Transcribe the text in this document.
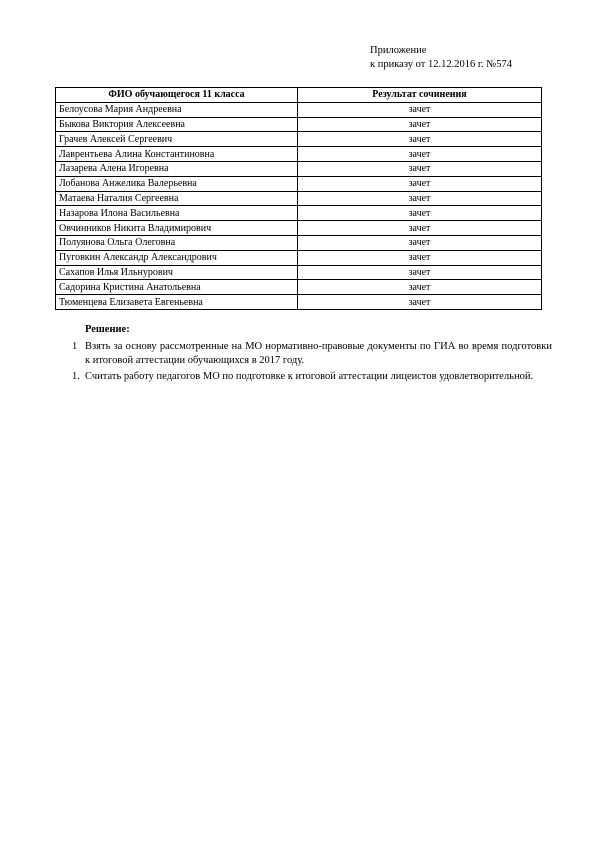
Приложение
к приказу от 12.12.2016 г. №574
ФИО обучающегося 11 класса	Результат сочинения
Белоусова Мария Андреевна	зачет
Быкова Виктория Алексеевна	зачет
Грачев Алексей Сергеевич	зачет
Лаврентьева Алина Константиновна	зачет
Лазарева Алена Игоревна	зачет
Лобанова Анжелика Валерьевна	зачет
Матаева Наталия Сергеевна	зачет
Назарова Илона Васильевна	зачет
Овчинников Никита Владимирович	зачет
Полуянова Ольга Олеговна	зачет
Пуговкин Александр Александрович	зачет
Сахапов Илья Ильнурович	зачет
Садорина Кристина Анатольевна	зачет
Тюменцева Елизавета Евгеньевна	зачет
Решение:
1 Взять за основу рассмотренные на МО нормативно-правовые документы по ГИА во время подготовки к итоговой аттестации обучающихся в 2017 году.
1. Считать работу педагогов МО по подготовке к итоговой аттестации лицеистов удовлетворительной.
